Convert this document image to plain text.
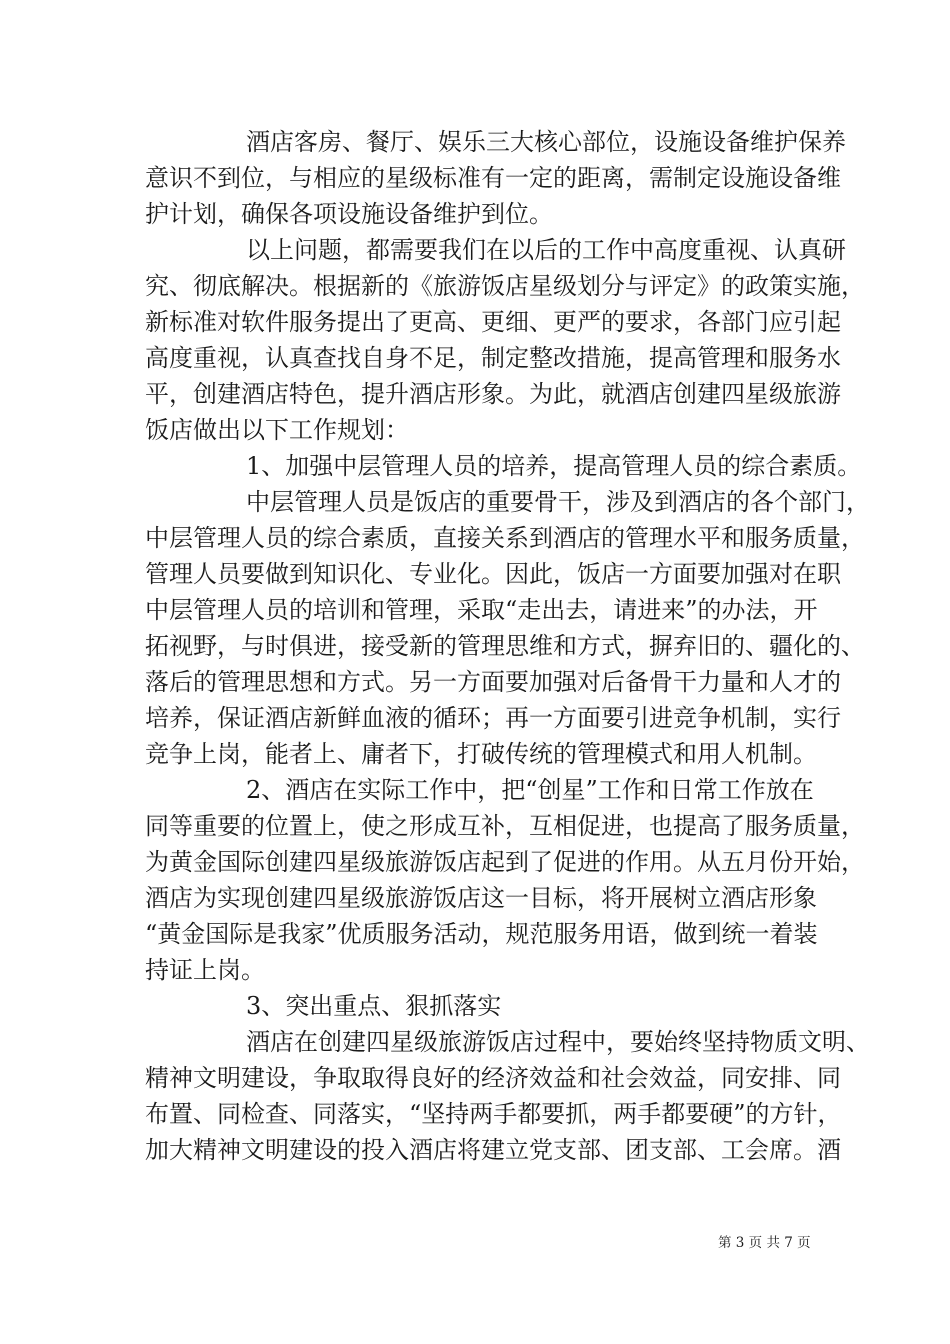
酒店客房、餐厅、娱乐三大核心部位，设施设备维护保养
意识不到位，与相应的星级标准有一定的距离，需制定设施设备维
护计划，确保各项设施设备维护到位。
以上问题，都需要我们在以后的工作中高度重视、认真研
究、彻底解决。根据新的《旅游饭店星级划分与评定》的政策实施，
新标准对软件服务提出了更高、更细、更严的要求，各部门应引起
高度重视，认真查找自身不足，制定整改措施，提高管理和服务水
平，创建酒店特色，提升酒店形象。为此，就酒店创建四星级旅游
饭店做出以下工作规划：
1、加强中层管理人员的培养，提高管理人员的综合素质。
中层管理人员是饭店的重要骨干，涉及到酒店的各个部门，
中层管理人员的综合素质，直接关系到酒店的管理水平和服务质量，
管理人员要做到知识化、专业化。因此，饭店一方面要加强对在职
中层管理人员的培训和管理，采取“走出去，请进来”的办法，开
拓视野，与时俱进，接受新的管理思维和方式，摒弃旧的、疆化的、
落后的管理思想和方式。另一方面要加强对后备骨干力量和人才的
培养，保证酒店新鲜血液的循环；再一方面要引进竞争机制，实行
竞争上岗，能者上、庸者下，打破传统的管理模式和用人机制。
2、酒店在实际工作中，把“创星”工作和日常工作放在
同等重要的位置上，使之形成互补，互相促进，也提高了服务质量，
为黄金国际创建四星级旅游饭店起到了促进的作用。从五月份开始，
酒店为实现创建四星级旅游饭店这一目标，将开展树立酒店形象
“黄金国际是我家”优质服务活动，规范服务用语，做到统一着装
持证上岗。
3、突出重点、狠抓落实
酒店在创建四星级旅游饭店过程中，要始终坚持物质文明、
精神文明建设，争取取得良好的经济效益和社会效益，同安排、同
布置、同检查、同落实，“坚持两手都要抓，两手都要硬”的方针，
加大精神文明建设的投入酒店将建立党支部、团支部、工会席。酒
第 3 页 共 7 页
